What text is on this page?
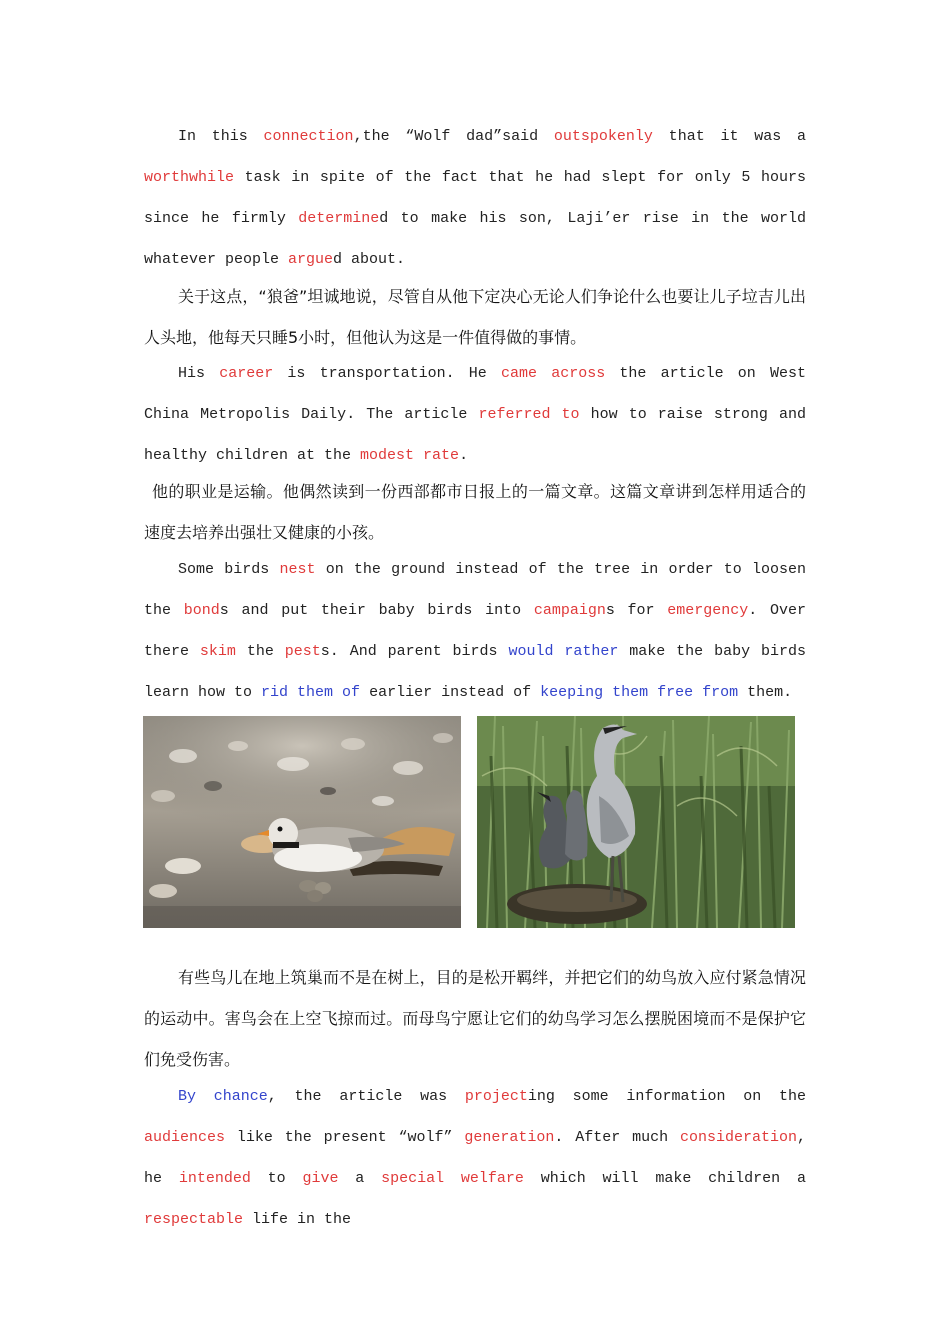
In this connection,the “Wolf dad”said outspokenly that it was a worthwhile task in spite of the fact that he had slept for only 5 hours since he firmly determined to make his son, Laji’er rise in the world whatever people argued about.

关于这点，“狼爸”坦诚地说，尽管自从他下定决心无论人们争论什么也要让儿子垃吉儿出人头地，他每天只睡5小时，但他认为这是一件值得做的事情。

His career is transportation. He came across the article on West China Metropolis Daily. The article referred to how to raise strong and healthy children at the modest rate.

他的职业是运输。他偶然读到一份西部都市日报上的一篇文章。这篇文章讲到怎样用适合的速度去培养出强壮又健康的小孩。

Some birds nest on the ground instead of the tree in order to loosen the bonds and put their baby birds into campaigns for emergency. Over there skim the pests. And parent birds would rather make the baby birds learn how to rid them of earlier instead of keeping them free from them.

有些鸟儿在地上筑巢而不是在树上，目的是松开羁绊，并把它们的幼鸟放入应付紧急情况的运动中。害鸟会在上空飞掠而过。而母鸟宁愿让它们的幼鸟学习怎么摆脱困境而不是保护它们免受伤害。

By chance, the article was projecting some information on the audiences like the present “wolf” generation. After much con​sideration, he intended to give a special welfare which will make children a respectable life in the
